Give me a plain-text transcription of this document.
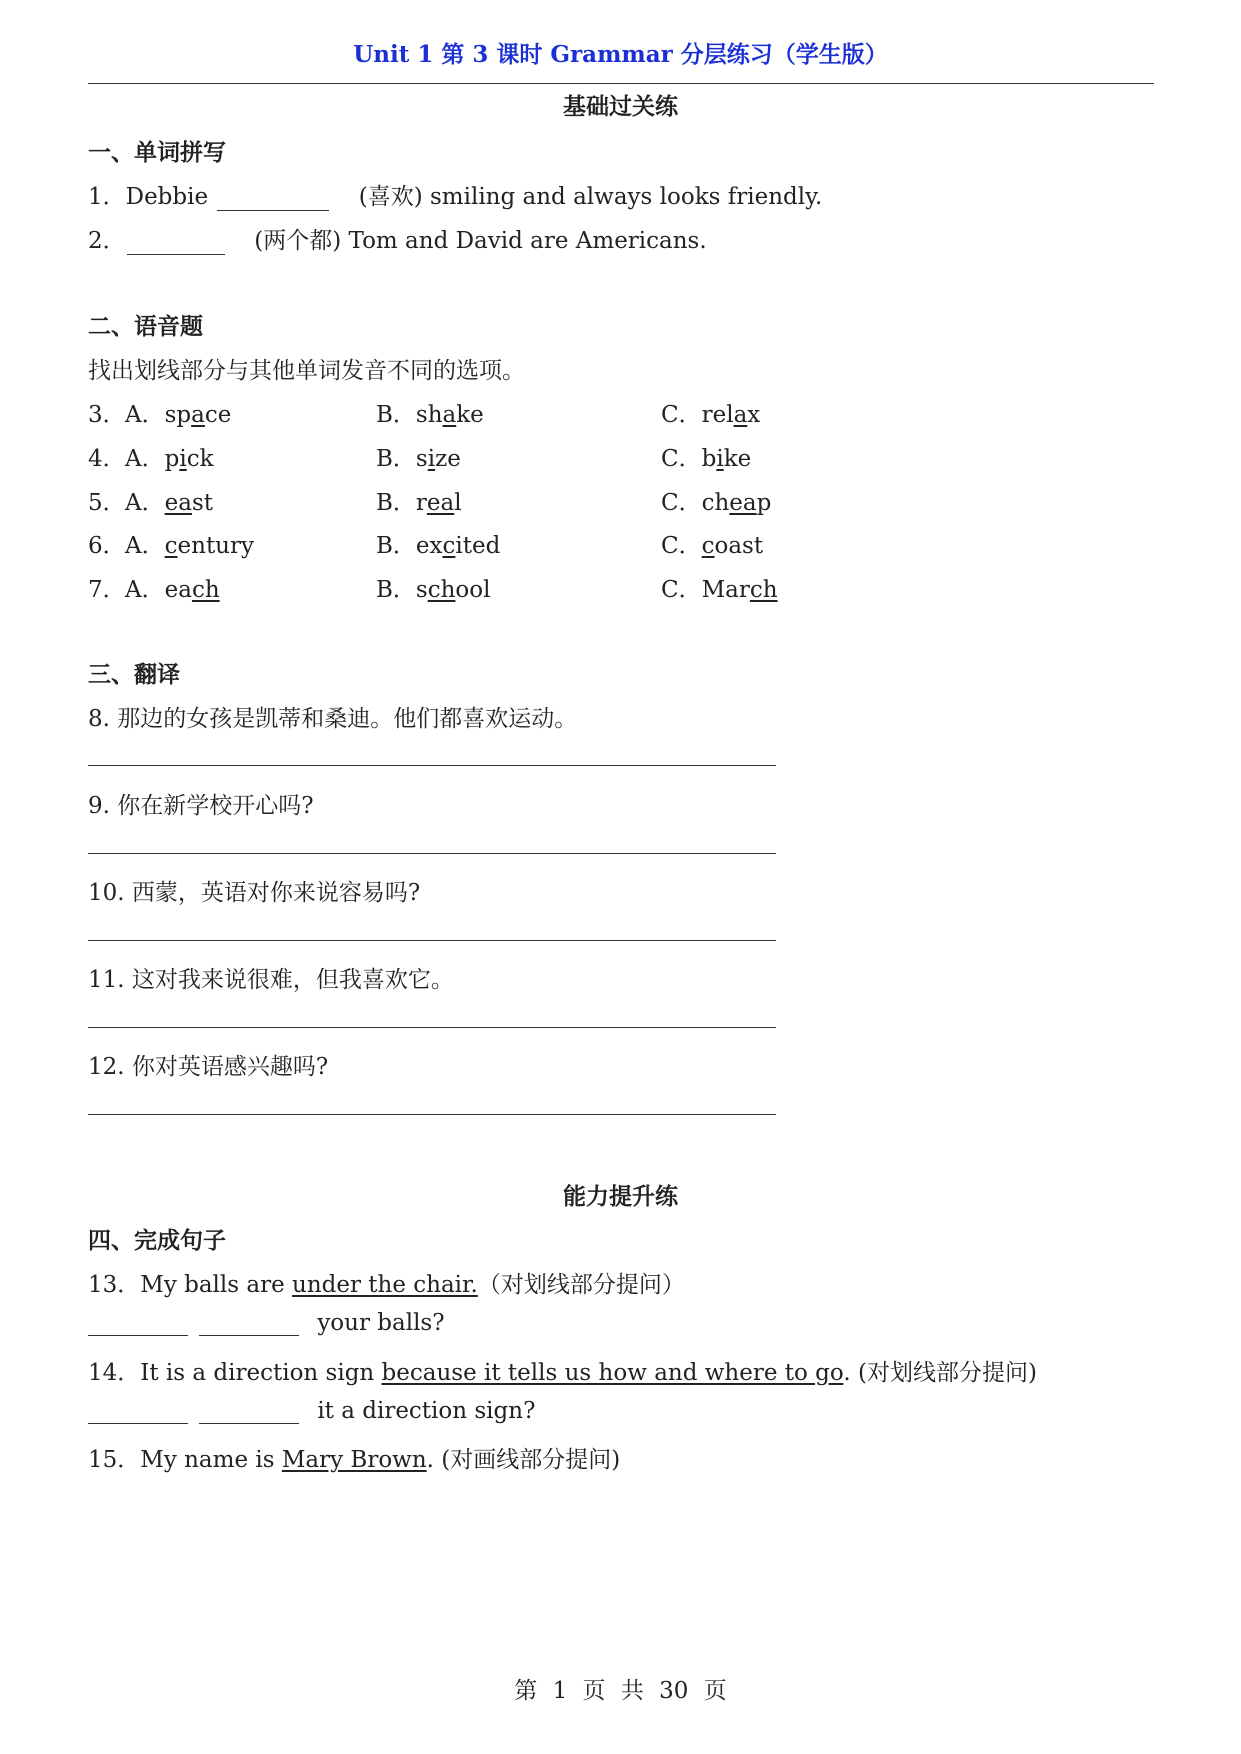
Unit 1 第 3 课时 Grammar 分层练习（学生版）
基础过关练
一、单词拼写
1．Debbie	(喜欢) smiling and always looks friendly.
2．	(两个都) Tom and David are Americans.
二、语音题
找出划线部分与其他单词发音不同的选项。
3． A．space	B．shake	C．relax
4． A．pick	B．size	C．bike
5． A．east	B．real	C．cheap
6． A．century	B．excited	C．coast
7． A．each	B．school	C．March
三、翻译
8. 那边的女孩是凯蒂和桑迪。他们都喜欢运动。
9. 你在新学校开心吗?
10. 西蒙，英语对你来说容易吗?
11. 这对我来说很难，但我喜欢它。
12. 你对英语感兴趣吗?
能力提升练
四、完成句子
13．My balls are under the chair.（对划线部分提问）
your balls?
14．It is a direction sign because it tells us how and where to go. (对划线部分提问)
it a direction sign?
15．My name is Mary Brown. (对画线部分提问)
第 1 页 共 30 页
